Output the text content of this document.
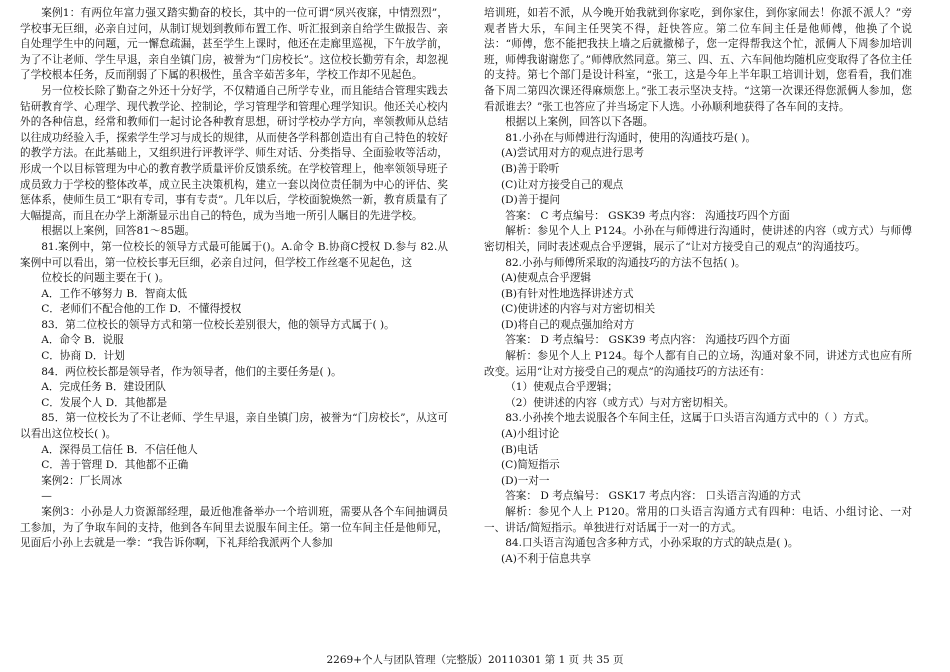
案例1：有两位年富力强又踏实勤奋的校长，其中的一位可谓“夙兴夜寐，中情烈烈”，学校事无巨细，必亲自过问，从制订规划到教师布置工作、听汇报到亲自给学生做报告、亲自处理学生中的问题，元一懈怠疏漏，甚至学生上课时，他还在走廊里巡视，下午放学前，为了不让老师、学生早退，亲自坐镇门房，被誉为“门房校长”。这位校长勤劳有余，却忽视了学校根本任务，反而削弱了下属的积极性，虽含辛茹苦多年，学校工作却不见起色。

另一位校长除了勤奋之外还十分好学，不仅精通自己所学专业，而且能结合管理实践去钻研教育学、心理学、现代教学论、控制论，学习管理学和管理心理学知识。他还关心校内外的各种信息，经常和教师们一起讨论各种教育思想，研讨学校办学方向，率领教师从总结以往成功经验入手，探索学生学习与成长的规律，从而使各学科都创造出有自己特色的较好的教学方法。在此基础上，又组织进行评教评学、师生对话、分类指导、全面验收等活动，形成一个以目标管理为中心的教育教学质量评价反馈系统。在学校管理上，他率领领导班子成员致力于学校的整体改革，成立民主决策机构，建立一套以岗位责任制为中心的评估、奖惩体系，使师生员工“职有专司，事有专责”。几年以后，学校面貌焕然一新，教育质量有了大幅提高，而且在办学上渐渐显示出自己的特色，成为当地一所引人瞩目的先进学校。

根据以上案例，回答81～85题。

81.案例中，第一位校长的领导方式最可能属于()。A.命令 B.协商C授权 D.参与 82.从案例中可以看出，第一位校长事无巨细，必亲自过问，但学校工作丝毫不见起色，这

位校长的问题主要在于( )。

A．工作不够努力 B．智商太低

C．老师们不配合他的工作 D．不懂得授权

83．第二位校长的领导方式和第一位校长差别很大，他的领导方式属于( )。

A．命令 B．说服

C．协商 D．计划

84．两位校长都是领导者，作为领导者，他们的主要任务是( )。

A．完成任务 B．建设团队

C．发展个人 D．其他都是

85．第一位校长为了不让老师、学生早退，亲自坐镇门房，被誉为“门房校长”，从这可以看出这位校长( )。

A．深得员工信任 B．不信任他人

C．善于管理 D．其他都不正确

案例2：厂长周冰

—

案例3：小孙是人力资源部经理，最近他准备举办一个培训班，需要从各个车间抽调员工参加，为了争取车间的支持，他到各车间里去说服车间主任。第一位车间主任是他师兄，见面后小孙上去就是一拳：“我告诉你啊，下礼拜给我派两个人参加

培训班，如若不派，从今晚开始我就到你家吃，到你家住，到你家闹去！你派不派人？”旁观者皆大乐，车间主任哭笑不得，赶快答应。第二位车间主任是他师傅，他换了个说法：“师傅，您不能把我扶上墙之后就撤梯子，您一定得帮我这个忙，派俩人下周参加培训班，师傅我谢谢您了。”师傅欣然同意。第三、四、五、六车间他均随机应变取得了各位主任的支持。第七个部门是设计科室，“张工，这是今年上半年职工培训计划，您看看，我们准备下周二第四次课还得麻烦您上。”张工表示坚决支持。“这第一次课还得您派俩人参加，您看派谁去？”张工也答应了并当场定下人选。小孙顺利地获得了各车间的支持。

根据以上案例，回答以下各题。

81.小孙在与师傅进行沟通时，使用的沟通技巧是( )。

(A)尝试用对方的观点进行思考

(B)善于聆听

(C)让对方接受自己的观点

(D)善于提问

答案： C 考点编号： GSK39 考点内容： 沟通技巧四个方面

解析：参见个人上 P124。小孙在与师傅进行沟通时，使讲述的内容（或方式）与师傅密切相关，同时表述观点合乎逻辑，展示了“让对方接受自己的观点”的沟通技巧。

82.小孙与师傅所采取的沟通技巧的方法不包括( )。

(A)使观点合乎逻辑

(B)有针对性地选择讲述方式

(C)使讲述的内容与对方密切相关

(D)将自己的观点强加给对方

答案： D 考点编号： GSK39 考点内容： 沟通技巧四个方面

解析：参见个人上 P124。每个人都有自己的立场，沟通对象不同，讲述方式也应有所改变。运用“让对方接受自己的观点”的沟通技巧的方法还有：

（1）使观点合乎逻辑；

（2）使讲述的内容（或方式）与对方密切相关。

83.小孙挨个地去说服各个车间主任，这属于口头语言沟通方式中的（ ）方式。

(A)小组讨论

(B)电话

(C)简短指示

(D)一对一

答案： D 考点编号： GSK17 考点内容： 口头语言沟通的方式

解析：参见个人上 P120。常用的口头语言沟通方式有四种：电话、小组讨论、一对一、讲话/简短指示。单独进行对话属于一对一的方式。

84.口头语言沟通包含多种方式，小孙采取的方式的缺点是( )。

(A)不利于信息共享

2269+个人与团队管理（完整版）20110301 第 1 页 共 35 页
